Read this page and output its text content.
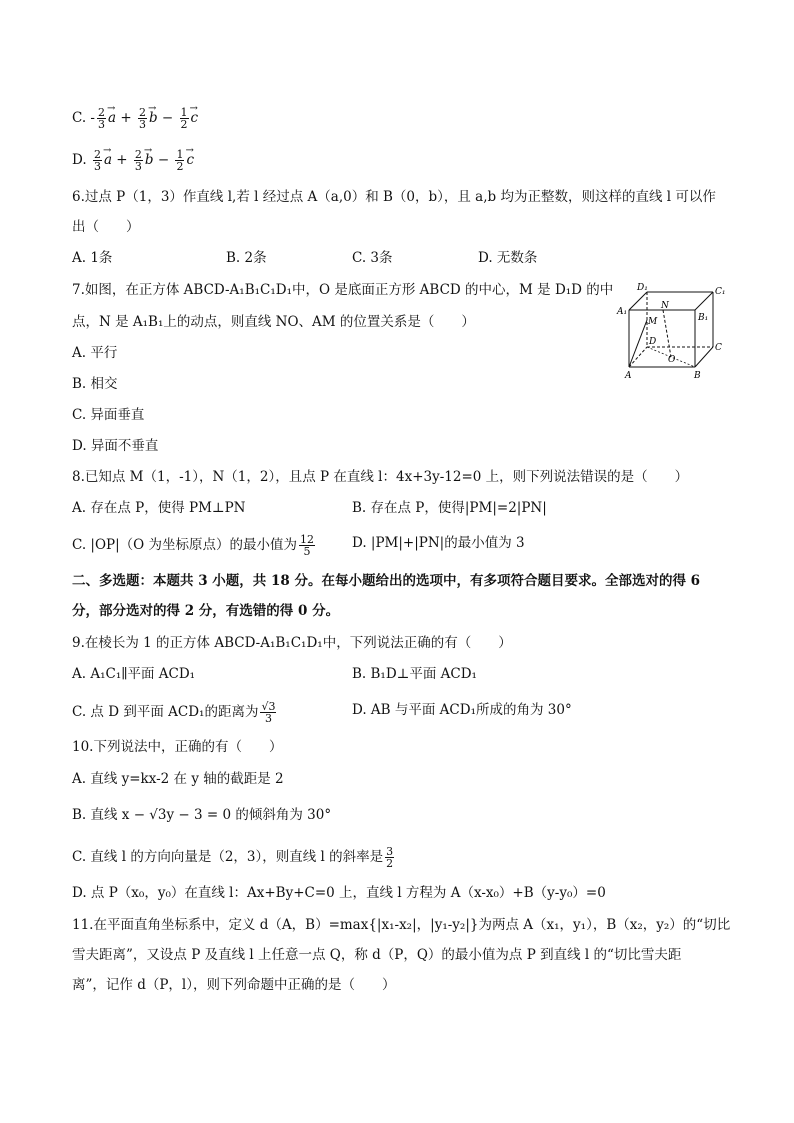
C. - $\frac{2}{3}$
→ $a + \frac{2}{3}$
→ $b - \frac{1}{2}$
→ c
D. $\frac{2}{3}$
→ $a + \frac{2}{3}$
→ $b - \frac{1}{2}$
→ c
6.过点 P（1，3）作直线 l,若 l 经过点 A（a,0）和 B（0，b），且 a,b 均为正整数，则这样的直线 l 可以作
出（　　）
A. 1条	B. 2条	C. 3条	D. 无数条
7.如图，在正方体 ABCD-A₁B₁C₁D₁中，O 是底面正方形 ABCD 的中心，M 是 D₁D 的中
点，N 是 A₁B₁上的动点，则直线 NO、AM 的位置关系是（　　）
A. 平行
B. 相交
C. 异面垂直
D. 异面不垂直
D₁	C₁
A₁
B₁
N
M
D
O
C
A	B
8.已知点 M（1，-1），N（1，2），且点 P 在直线 l：4x+3y-12=0 上，则下列说法错误的是（　　）
A. 存在点 P，使得 PM⊥PN	B. 存在点 P，使得|PM|=2|PN|
C. |OP|（O 为坐标原点）的最小值为 $\frac{12}{5}$	D. |PM|+|PN|的最小值为 3
二、多选题：本题共 3 小题，共 18 分。在每小题给出的选项中，有多项符合题目要求。全部选对的得 6
分，部分选对的得 2 分，有选错的得 0 分。
9.在棱长为 1 的正方体 ABCD-A₁B₁C₁D₁中，下列说法正确的有（　　）
A. A₁C₁∥平面 ACD₁	B. B₁D⊥平面 ACD₁
C. 点 D 到平面 ACD₁的距离为 $\frac{√3}{3}$	D. AB 与平面 ACD₁所成的角为 30°
10.下列说法中，正确的有（　　）
A. 直线 y=kx-2 在 y 轴的截距是 2
B. 直线 x − √3y − 3 = 0 的倾斜角为 30°
C. 直线 l 的方向向量是（2，3），则直线 l 的斜率是 $\frac{3}{2}$
D. 点 P（x₀，y₀）在直线 l：Ax+By+C=0 上，直线 l 方程为 A（x-x₀）+B（y-y₀）=0
11.在平面直角坐标系中，定义 d（A，B）=max{|x₁-x₂|，|y₁-y₂|}为两点 A（x₁，y₁），B（x₂，y₂）的“切比
雪夫距离”，又设点 P 及直线 l 上任意一点 Q，称 d（P，Q）的最小值为点 P 到直线 l 的“切比雪夫距
离”，记作 d（P，l），则下列命题中正确的是（　　）
